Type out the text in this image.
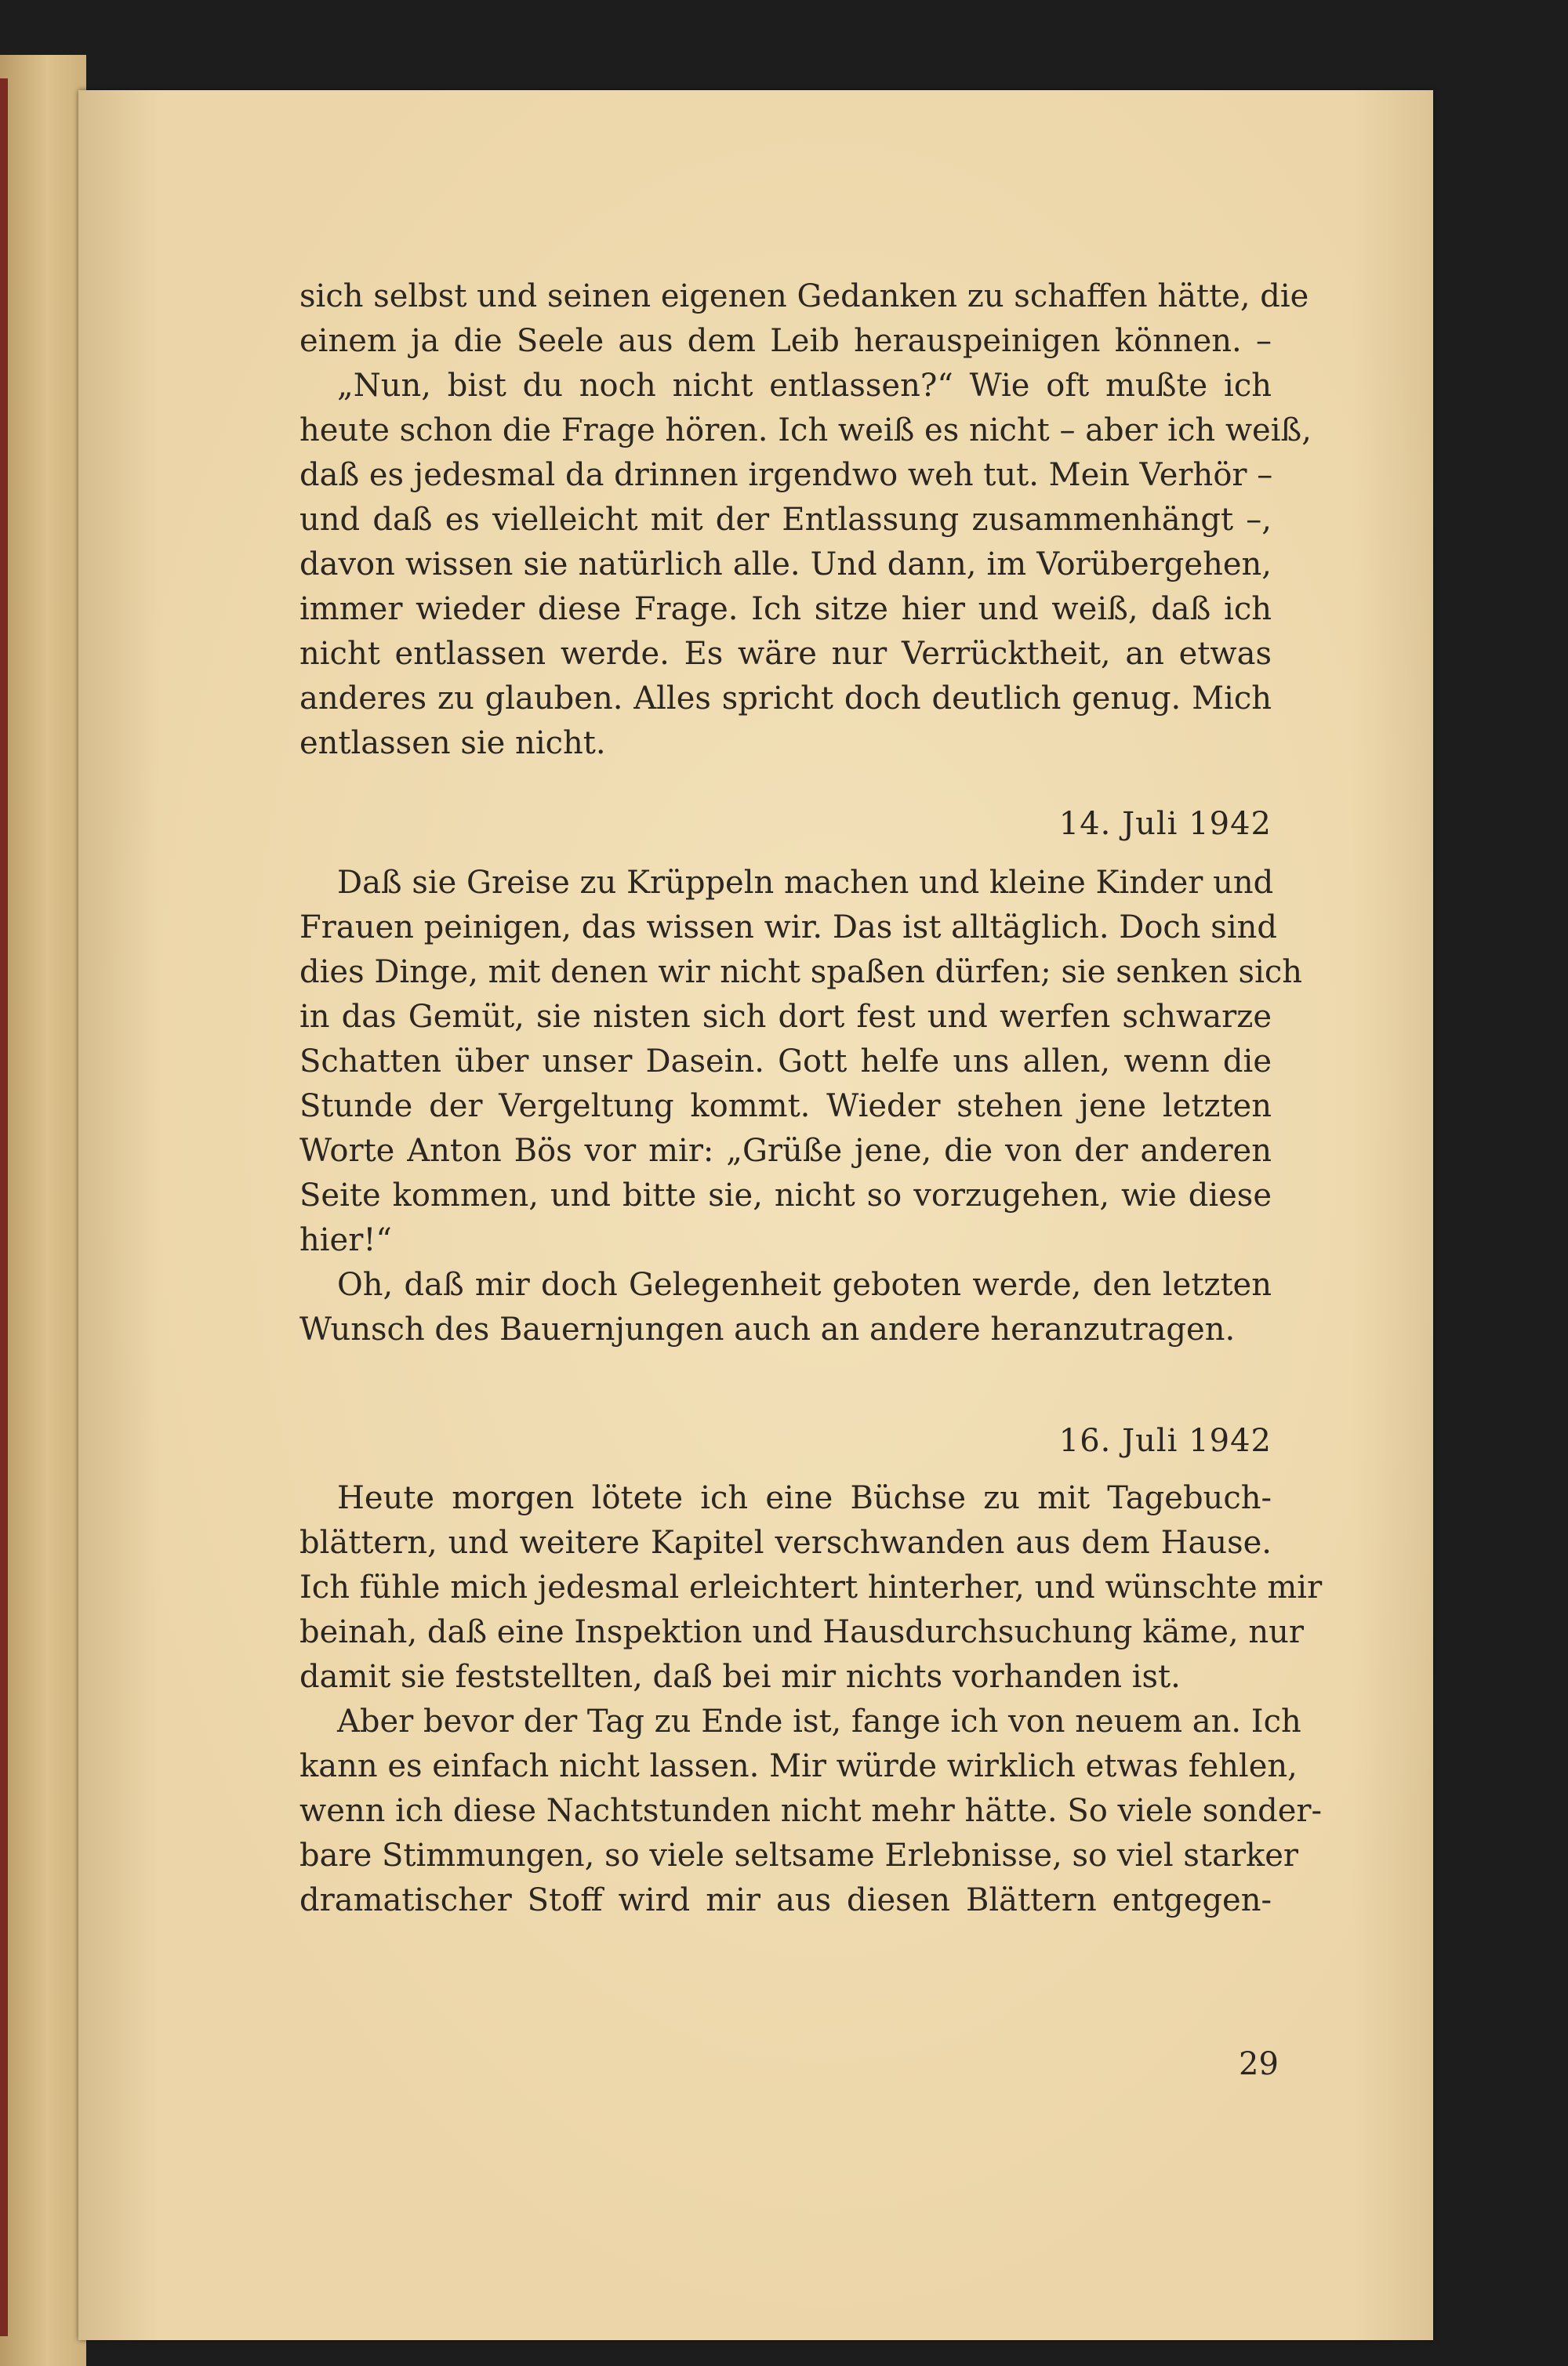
sich selbst und seinen eigenen Gedanken zu schaffen hätte, die
einem ja die Seele aus dem Leib herauspeinigen können. –
„Nun, bist du noch nicht entlassen?“ Wie oft mußte ich
heute schon die Frage hören. Ich weiß es nicht – aber ich weiß,
daß es jedesmal da drinnen irgendwo weh tut. Mein Verhör –
und daß es vielleicht mit der Entlassung zusammenhängt –,
davon wissen sie natürlich alle. Und dann, im Vorübergehen,
immer wieder diese Frage. Ich sitze hier und weiß, daß ich
nicht entlassen werde. Es wäre nur Verrücktheit, an etwas
anderes zu glauben. Alles spricht doch deutlich genug. Mich
entlassen sie nicht.
14. Juli 1942
Daß sie Greise zu Krüppeln machen und kleine Kinder und
Frauen peinigen, das wissen wir. Das ist alltäglich. Doch sind
dies Dinge, mit denen wir nicht spaßen dürfen; sie senken sich
in das Gemüt, sie nisten sich dort fest und werfen schwarze
Schatten über unser Dasein. Gott helfe uns allen, wenn die
Stunde der Vergeltung kommt. Wieder stehen jene letzten
Worte Anton Bös vor mir: „Grüße jene, die von der anderen
Seite kommen, und bitte sie, nicht so vorzugehen, wie diese
hier!“
Oh, daß mir doch Gelegenheit geboten werde, den letzten
Wunsch des Bauernjungen auch an andere heranzutragen.
16. Juli 1942
Heute morgen lötete ich eine Büchse zu mit Tagebuch-
blättern, und weitere Kapitel verschwanden aus dem Hause.
Ich fühle mich jedesmal erleichtert hinterher, und wünschte mir
beinah, daß eine Inspektion und Hausdurchsuchung käme, nur
damit sie feststellten, daß bei mir nichts vorhanden ist.
Aber bevor der Tag zu Ende ist, fange ich von neuem an. Ich
kann es einfach nicht lassen. Mir würde wirklich etwas fehlen,
wenn ich diese Nachtstunden nicht mehr hätte. So viele sonder-
bare Stimmungen, so viele seltsame Erlebnisse, so viel starker
dramatischer Stoff wird mir aus diesen Blättern entgegen-
29
